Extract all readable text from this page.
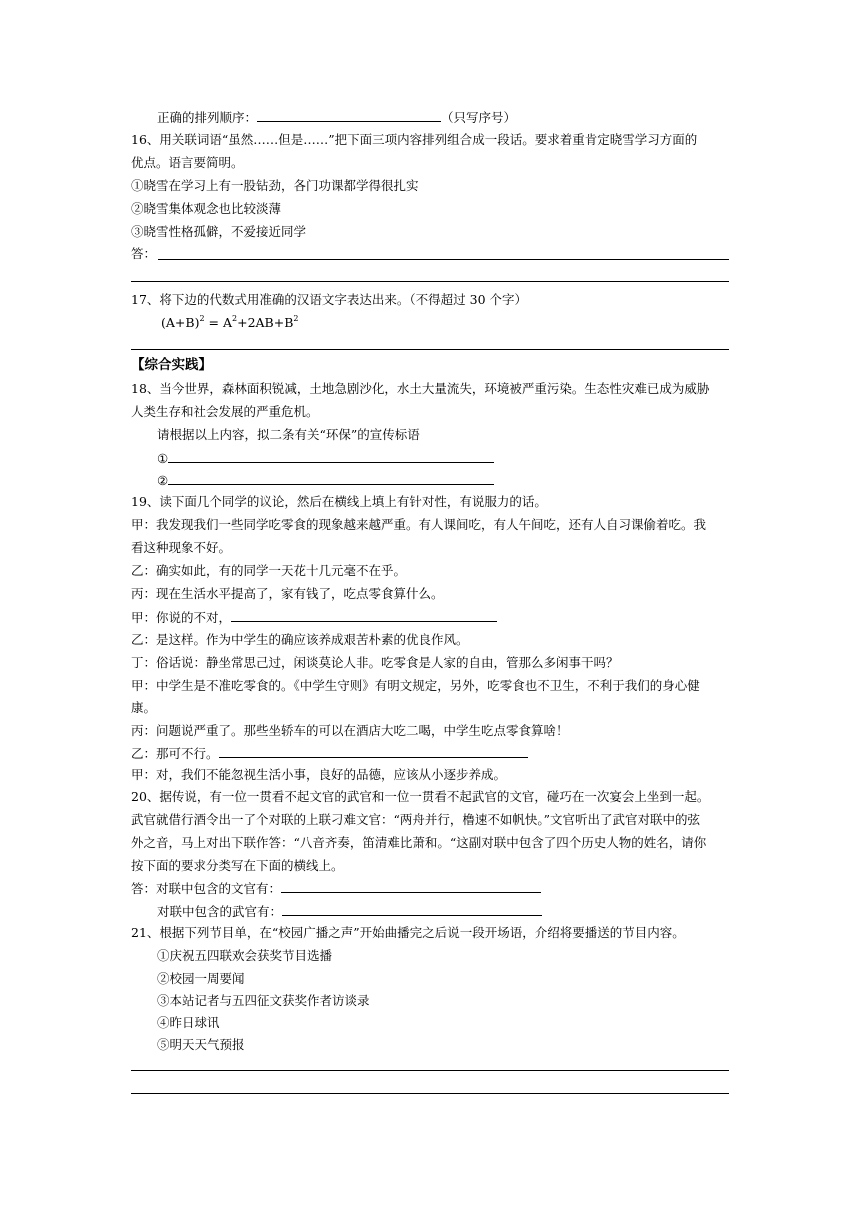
正确的排列顺序：	（只写序号）
16、用关联词语“虽然……但是……”把下面三项内容排列组合成一段话。要求着重肯定晓雪学习方面的
优点。语言要简明。
①晓雪在学习上有一股钻劲，各门功课都学得很扎实
②晓雪集体观念也比较淡薄
③晓雪性格孤僻，不爱接近同学
答：
17、将下边的代数式用准确的汉语文字表达出来。（不得超过 30 个字）
$(A+B)^2 = A^2+2AB+B^2$
【综合实践】
18、当今世界，森林面积锐减，土地急剧沙化，水土大量流失，环境被严重污染。生态性灾难已成为威胁
人类生存和社会发展的严重危机。
请根据以上内容，拟二条有关“环保”的宣传标语
①
②
19、读下面几个同学的议论，然后在横线上填上有针对性，有说服力的话。
甲：我发现我们一些同学吃零食的现象越来越严重。有人课间吃，有人午间吃，还有人自习课偷着吃。我
看这种现象不好。
乙：确实如此，有的同学一天花十几元毫不在乎。
丙：现在生活水平提高了，家有钱了，吃点零食算什么。
甲：你说的不对，
乙：是这样。作为中学生的确应该养成艰苦朴素的优良作风。
丁：俗话说：静坐常思己过，闲谈莫论人非。吃零食是人家的自由，管那么多闲事干吗？
甲：中学生是不准吃零食的。《中学生守则》有明文规定，另外，吃零食也不卫生，不利于我们的身心健
康。
丙：问题说严重了。那些坐轿车的可以在酒店大吃二喝，中学生吃点零食算啥！
乙：那可不行。
甲：对，我们不能忽视生活小事，良好的品德，应该从小逐步养成。
20、据传说，有一位一贯看不起文官的武官和一位一贯看不起武官的文官，碰巧在一次宴会上坐到一起。
武官就借行酒令出一了个对联的上联刁难文官：“两舟并行，橹速不如帆快。”文官听出了武官对联中的弦
外之音，马上对出下联作答：“八音齐奏，笛清难比萧和。“这副对联中包含了四个历史人物的姓名，请你
按下面的要求分类写在下面的横线上。
答：对联中包含的文官有：
对联中包含的武官有：
21、根据下列节目单，在“校园广播之声”开始曲播完之后说一段开场语，介绍将要播送的节目内容。
①庆祝五四联欢会获奖节目选播
②校园一周要闻
③本站记者与五四征文获奖作者访谈录
④昨日球讯
⑤明天天气预报
